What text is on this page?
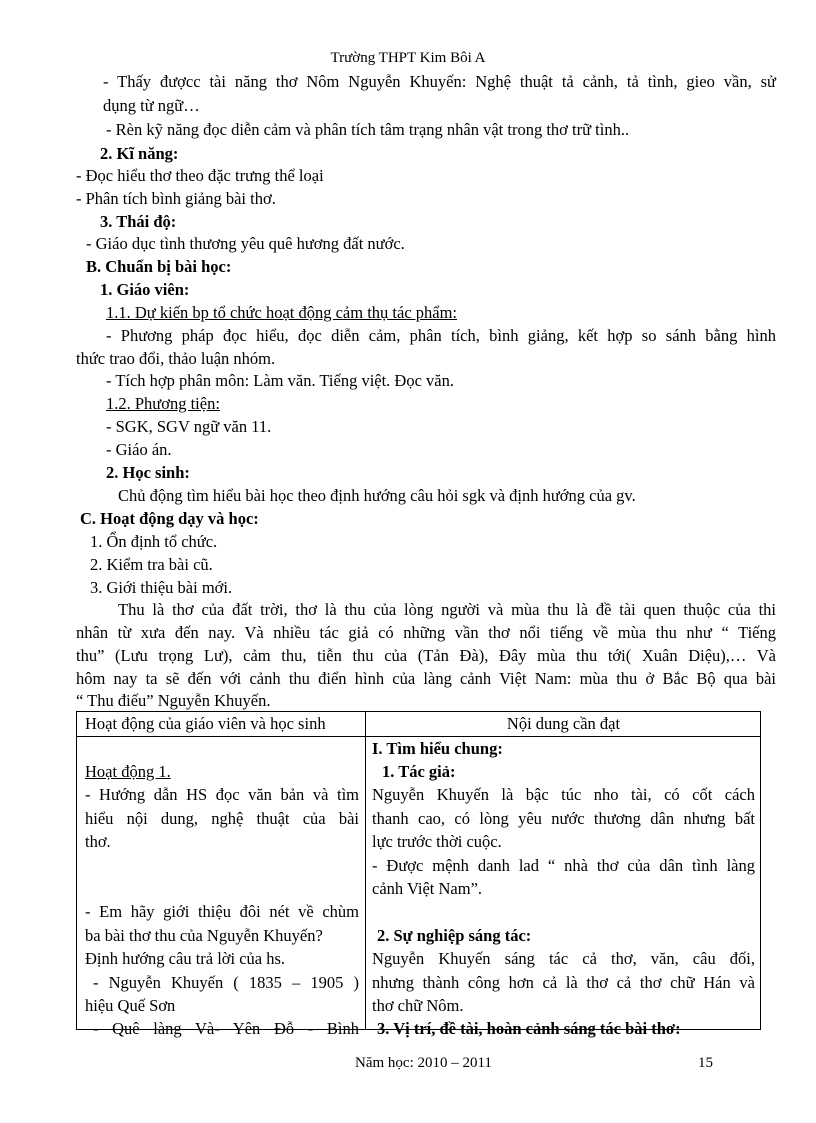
Trường THPT Kim Bôi A
- Thấy đượcc tài năng thơ Nôm Nguyễn Khuyến: Nghệ thuật tả cảnh, tả tình, gieo vần, sử
dụng từ ngữ…
- Rèn kỹ năng đọc diễn cảm và phân tích tâm trạng nhân vật trong thơ trữ tình..
2. Kĩ năng:
- Đọc hiểu thơ theo đặc trưng thể loại
- Phân tích bình giảng bài thơ.
3. Thái độ:
- Giáo dục tình thương yêu quê hương đất nước.
B. Chuẩn bị bài học:
1. Giáo viên:
1.1. Dự kiến bp tổ chức hoạt động cảm thụ tác phẩm:
- Phương pháp đọc hiểu, đọc diễn cảm, phân tích, bình giảng, kết hợp so sánh bằng hình
thức trao đổi, thảo luận nhóm.
- Tích hợp phân môn: Làm văn. Tiếng việt. Đọc văn.
1.2. Phương tiện:
- SGK, SGV ngữ văn 11.
- Giáo án.
2. Học sinh:
Chủ động tìm hiểu bài học theo định hướng câu hỏi sgk và định hướng của gv.
C. Hoạt động dạy và học:
1. Ổn định tổ chức.
2. Kiểm tra bài cũ.
3. Giới thiệu bài mới.
Thu là thơ của đất trời, thơ là thu của lòng người và mùa thu là đề tài quen thuộc của thi
nhân từ xưa đến nay. Và nhiều tác giả có những vần thơ nổi tiếng về mùa thu như “ Tiếng
thu” (Lưu trọng Lư), cảm thu, tiễn thu của (Tản Đà), Đây mùa thu tới( Xuân Diệu),… Và
hôm nay ta sẽ đến với cảnh thu điển hình của làng cảnh Việt Nam: mùa thu ở Bắc Bộ qua bài
“ Thu điếu” Nguyễn Khuyến.
Hoạt động của giáo viên và học sinh	Nội dung cần đạt
Hoạt động 1.
- Hướng dẫn HS đọc văn bản và tìm
hiểu nội dung, nghệ thuật của bài
thơ.
- Em hãy giới thiệu đôi nét về chùm
ba bài thơ thu của Nguyễn Khuyến?
Định hướng câu trả lời của hs.
- Nguyễn Khuyến ( 1835 – 1905 )
hiệu Quế Sơn
- Quê làng Và- Yên Đỗ - Bình
I. Tìm hiểu chung:
1. Tác giả:
Nguyễn Khuyến là bậc túc nho tài, có cốt cách
thanh cao, có lòng yêu nước thương dân nhưng bất
lực trước thời cuộc.
- Được mệnh danh lad “ nhà thơ của dân tình làng
cảnh Việt Nam”.
2. Sự nghiệp sáng tác:
Nguyễn Khuyến sáng tác cả thơ, văn, câu đối,
nhưng thành công hơn cả là thơ cả thơ chữ Hán và
thơ chữ Nôm.
3. Vị trí, đề tài, hoàn cảnh sáng tác bài thơ:
Năm học: 2010 – 2011	15
